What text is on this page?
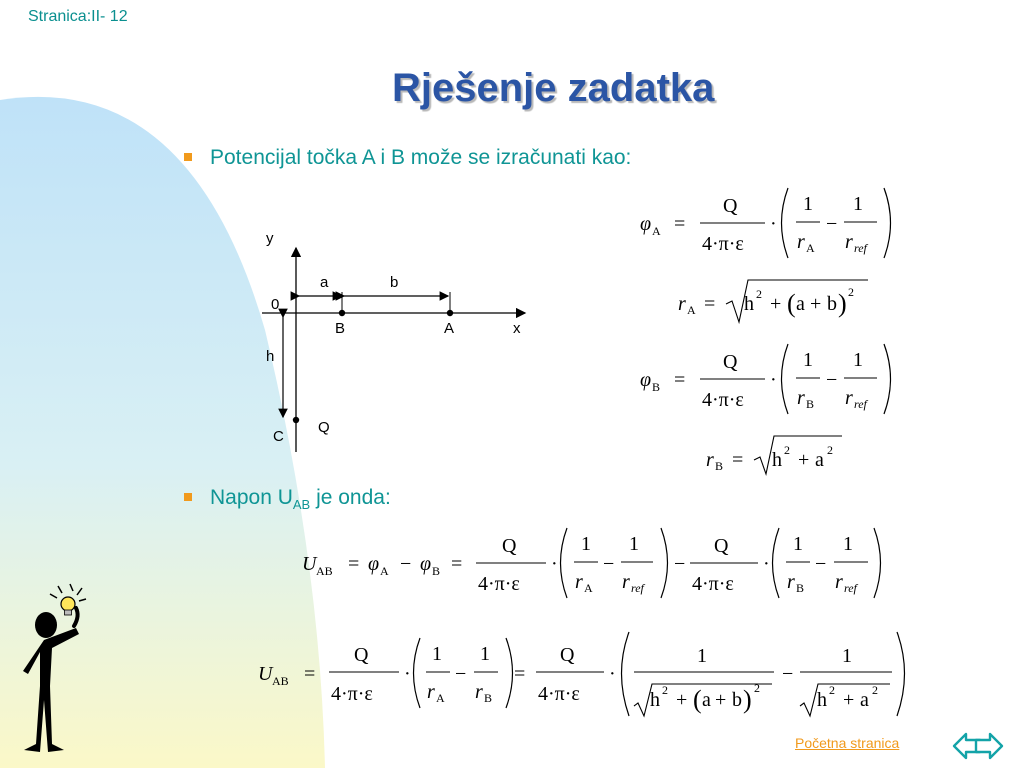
Stranica:II- 12
Rješenje zadatka
Potencijal točka A i B može se izračunati kao:
Napon $U_{AB}$ je onda:
y
a	b
0
B	A	x
h
Q
C
φ A =
Q
4·π·ε
·
1
r A
−
1
r ref
r A = h 2 + ( a + b ) 2
φ B =
Q
4·π·ε
·
1
r B
−
1
r ref
r B = h 2 + a 2
U AB = φ A − φ B =
Q
4·π·ε
·
1
r A
−
1
r ref
−
Q
4·π·ε
·
1
r B
−
1
r ref
U AB =
Q
4·π·ε
·
1
r A
−
1
r B
=
Q
4·π·ε
·
1
h 2 + ( a + b ) 2
−
1
h 2 + a 2
Početna stranica
